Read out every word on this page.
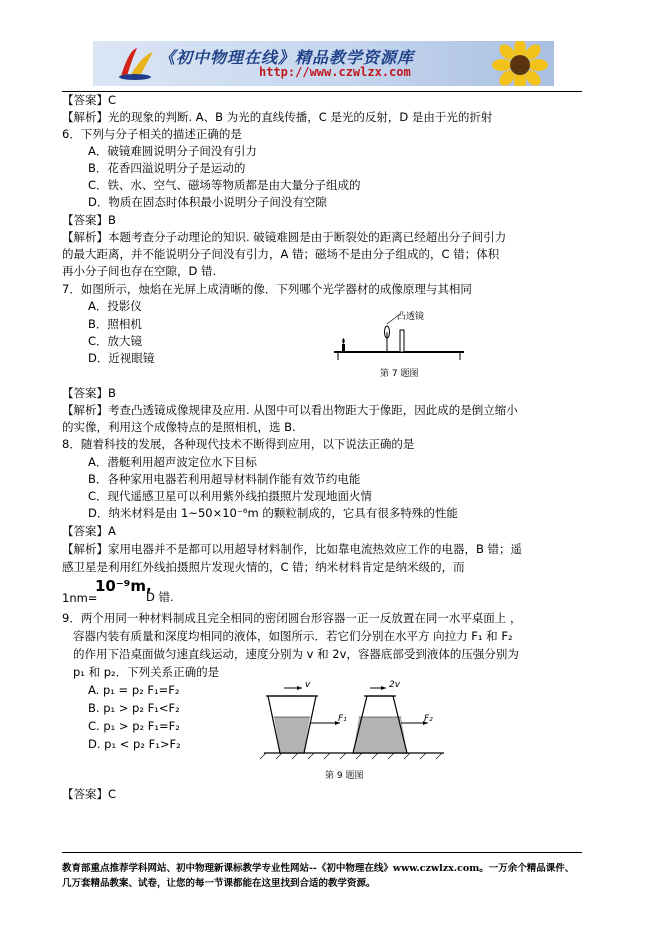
《初中物理在线》精品教学资源库
http://www.czwlzx.com
【答案】C
【解析】光的现象的判断. A、B 为光的直线传播，C 是光的反射，D 是由于光的折射
6．下列与分子相关的描述正确的是
A．破镜难圆说明分子间没有引力
B．花香四溢说明分子是运动的
C．铁、水、空气、磁场等物质都是由大量分子组成的
D．物质在固态时体积最小说明分子间没有空隙
【答案】B
【解析】本题考查分子动理论的知识. 破镜难圆是由于断裂处的距离已经超出分子间引力
的最大距离，并不能说明分子间没有引力，A 错；磁场不是由分子组成的，C 错；体积
再小分子间也存在空隙，D 错.
7．如图所示，烛焰在光屏上成清晰的像．下列哪个光学器材的成像原理与其相同
A．投影仪
B．照相机
C．放大镜
D．近视眼镜
凸透镜
第 7 题图
【答案】B
【解析】考查凸透镜成像规律及应用. 从图中可以看出物距大于像距，因此成的是倒立缩小
的实像，利用这个成像特点的是照相机，选 B.
8．随着科技的发展，各种现代技术不断得到应用，以下说法正确的是
A．潜艇利用超声波定位水下目标
B．各种家用电器若利用超导材料制作能有效节约电能
C．现代遥感卫星可以利用紫外线拍摄照片发现地面火情
D．纳米材料是由 1~50×10⁻⁶m 的颗粒制成的，它具有很多特殊的性能
【答案】A
【解析】家用电器并不是都可以用超导材料制作，比如靠电流热效应工作的电器，B 错；遥
感卫星是利用红外线拍摄照片发现火情的，C 错；纳米材料肯定是纳米级的，而
1nm=
10⁻⁹m,
D 错.
9．两个用同一种材料制成且完全相同的密闭圆台形容器一正一反放置在同一水平桌面上 ，
容器内装有质量和深度均相同的液体，如图所示．若它们分别在水平方 向拉力 F₁ 和 F₂
的作用下沿桌面做匀速直线运动，速度分别为 v 和 2v，容器底部受到液体的压强分别为
p₁ 和 p₂．下列关系正确的是
A. p₁ = p₂ F₁=F₂
B. p₁ > p₂ F₁<F₂
C. p₁ > p₂ F₁=F₂
D. p₁ < p₂ F₁>F₂
v	2v
F₁	F₂
第 9 题图
【答案】C
教育部重点推荐学科网站、初中物理新课标教学专业性网站--《初中物理在线》www.czwlzx.com。一万余个精品课件、
几万套精品教案、试卷，让您的每一节课都能在这里找到合适的教学资源。
